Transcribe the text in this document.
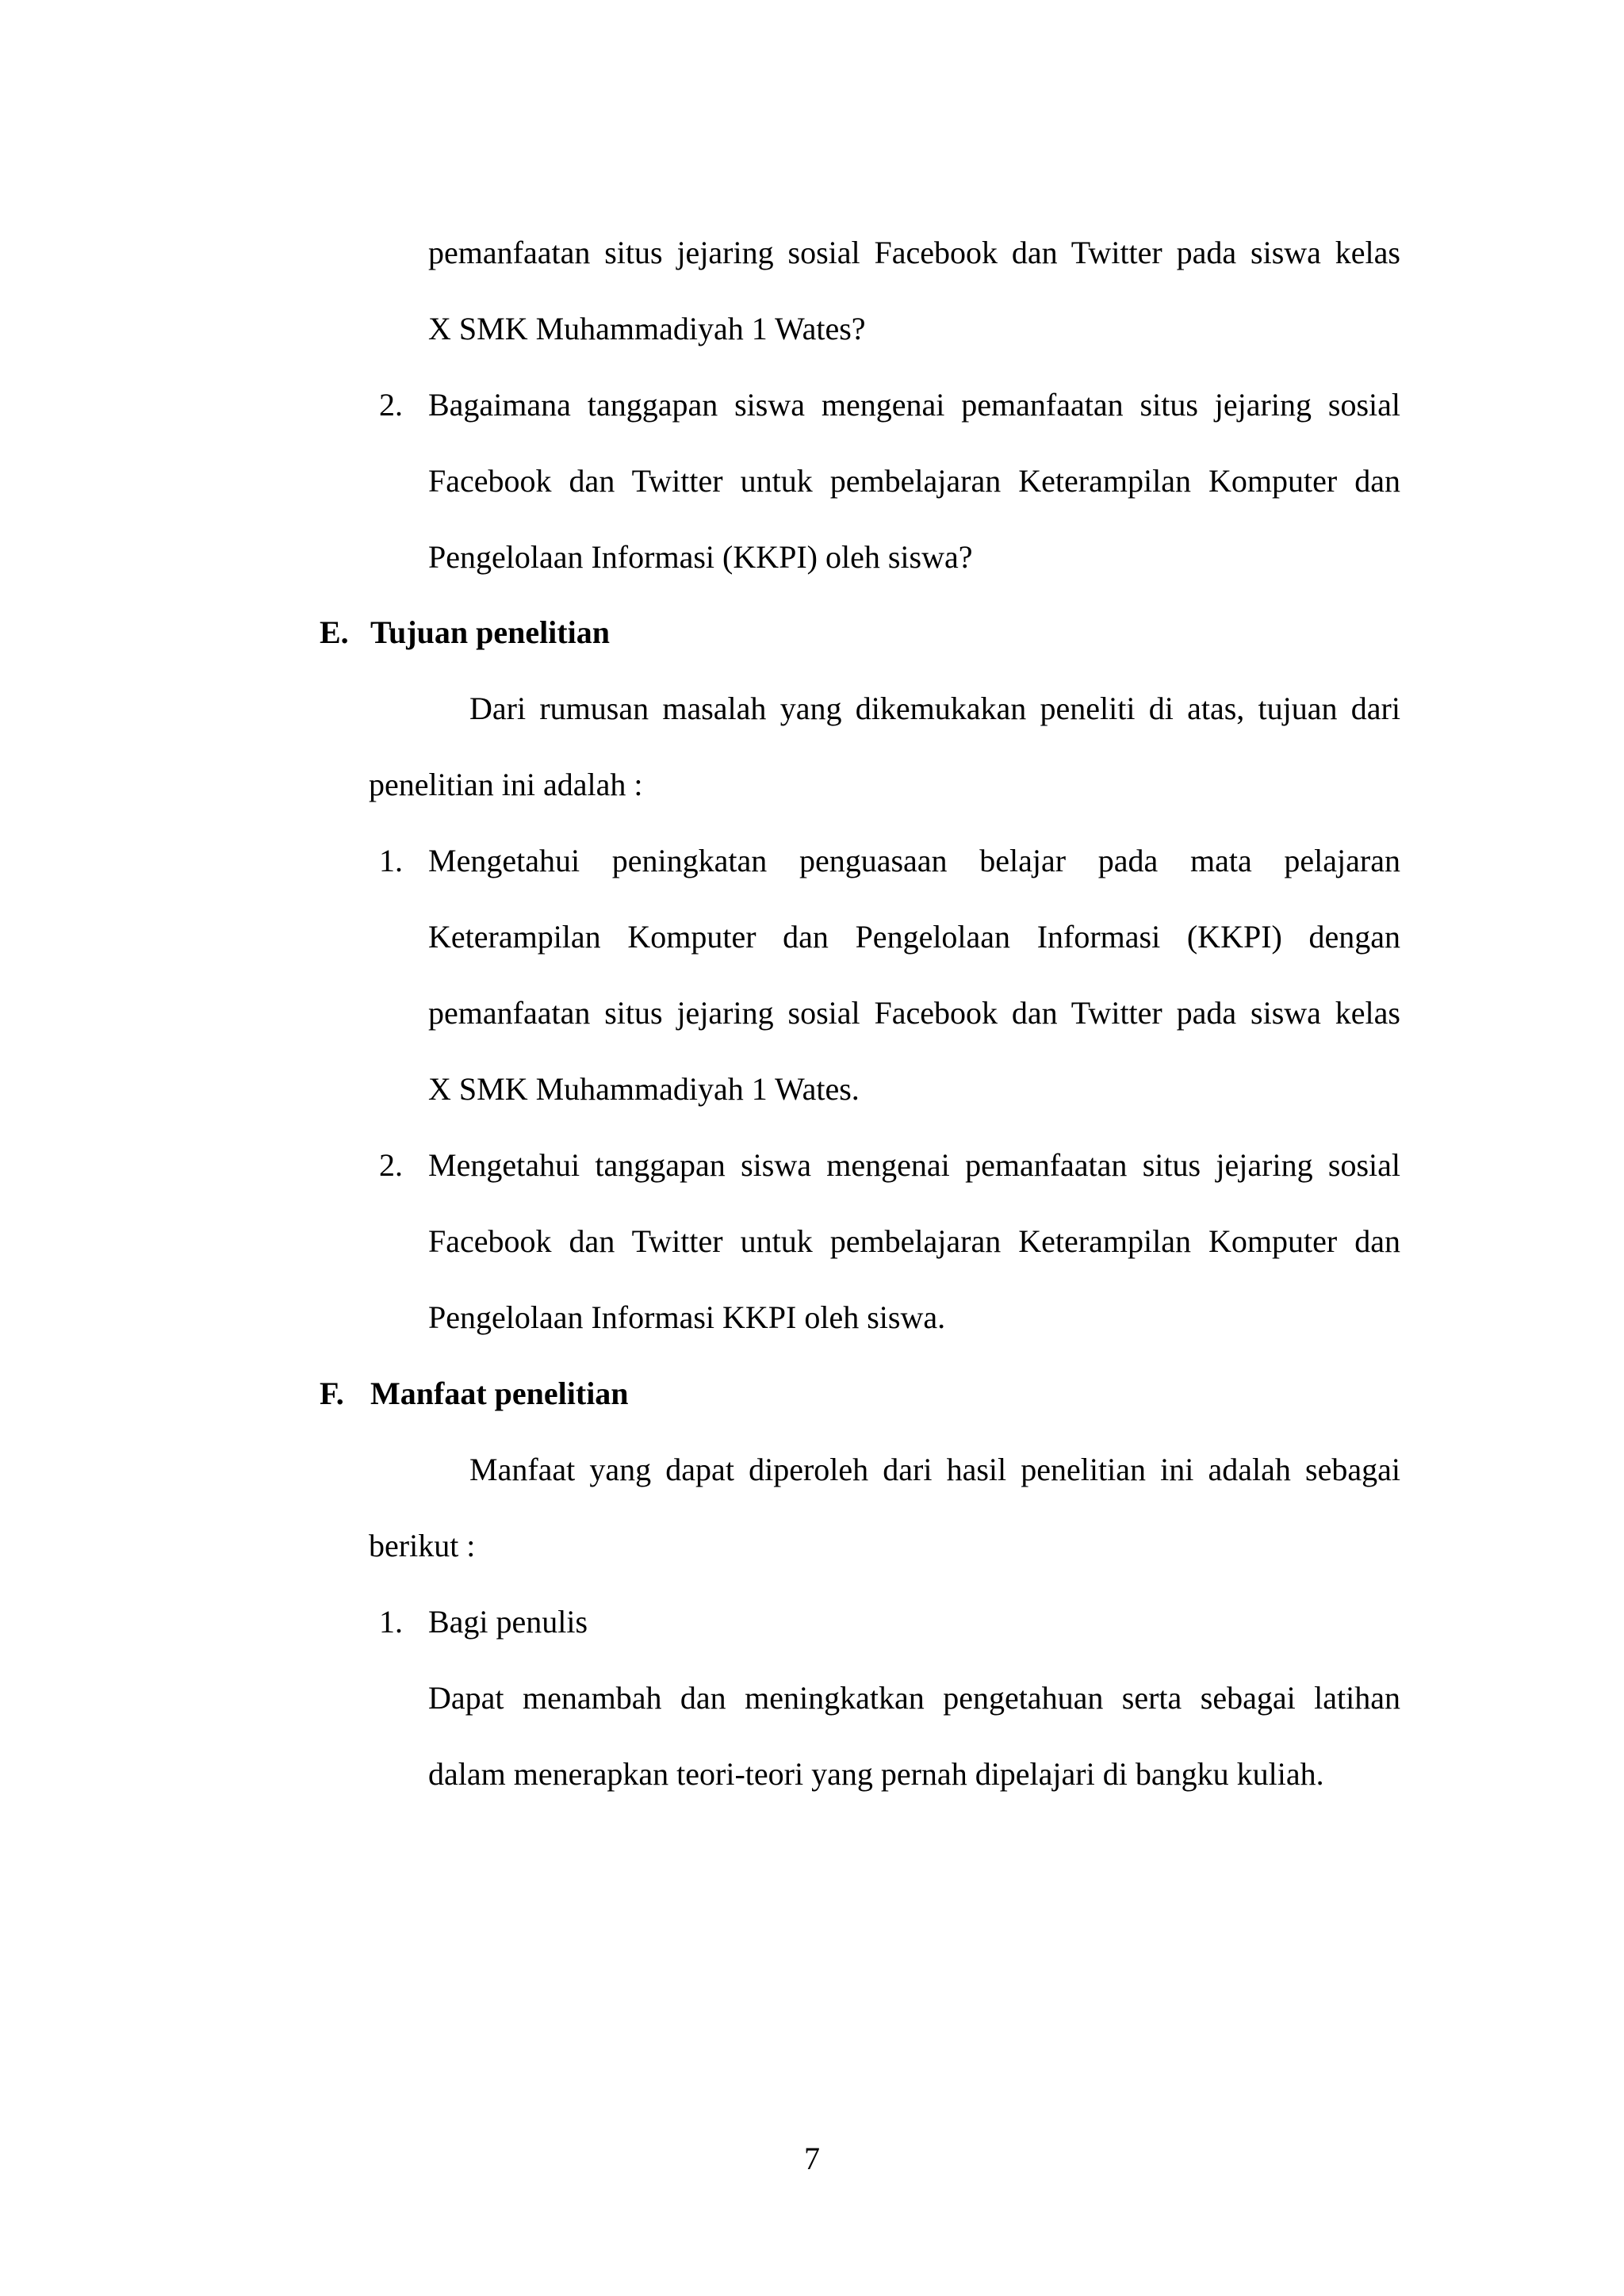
pemanfaatan situs jejaring sosial Facebook dan Twitter pada siswa kelas
X SMK Muhammadiyah 1 Wates?
2. Bagaimana tanggapan siswa mengenai pemanfaatan situs jejaring sosial
Facebook dan Twitter untuk pembelajaran Keterampilan Komputer dan
Pengelolaan Informasi (KKPI) oleh siswa?
E. Tujuan penelitian
Dari rumusan masalah yang dikemukakan peneliti di atas, tujuan dari
penelitian ini adalah :
1. Mengetahui peningkatan penguasaan belajar pada mata pelajaran
Keterampilan Komputer dan Pengelolaan Informasi (KKPI) dengan
pemanfaatan situs jejaring sosial Facebook dan Twitter pada siswa kelas
X SMK Muhammadiyah 1 Wates.
2. Mengetahui tanggapan siswa mengenai pemanfaatan situs jejaring sosial
Facebook dan Twitter untuk pembelajaran Keterampilan Komputer dan
Pengelolaan Informasi KKPI oleh siswa.
F. Manfaat penelitian
Manfaat yang dapat diperoleh dari hasil penelitian ini adalah sebagai
berikut :
1. Bagi penulis
Dapat menambah dan meningkatkan pengetahuan serta sebagai latihan
dalam menerapkan teori-teori yang pernah dipelajari di bangku kuliah.
7
